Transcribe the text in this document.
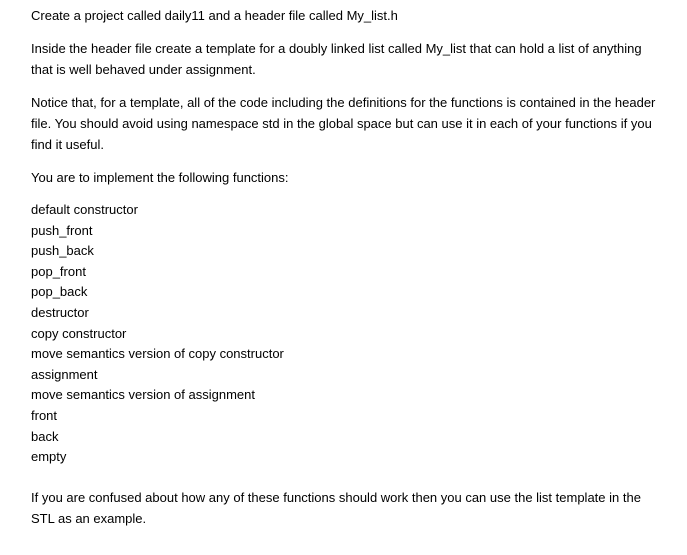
Create a project called daily11 and a header file called My_list.h

Inside the header file create a template for a doubly linked list called My_list that can hold a list of anything that is well behaved under assignment.

Notice that, for a template, all of the code including the definitions for the functions is contained in the header file. You should avoid using namespace std in the global space but can use it in each of your functions if you find it useful.

You are to implement the following functions:

default constructor
push_front
push_back
pop_front
pop_back
destructor
copy constructor
move semantics version of copy constructor
assignment
move semantics version of assignment
front
back
empty

If you are confused about how any of these functions should work then you can use the list template in the STL as an example.
